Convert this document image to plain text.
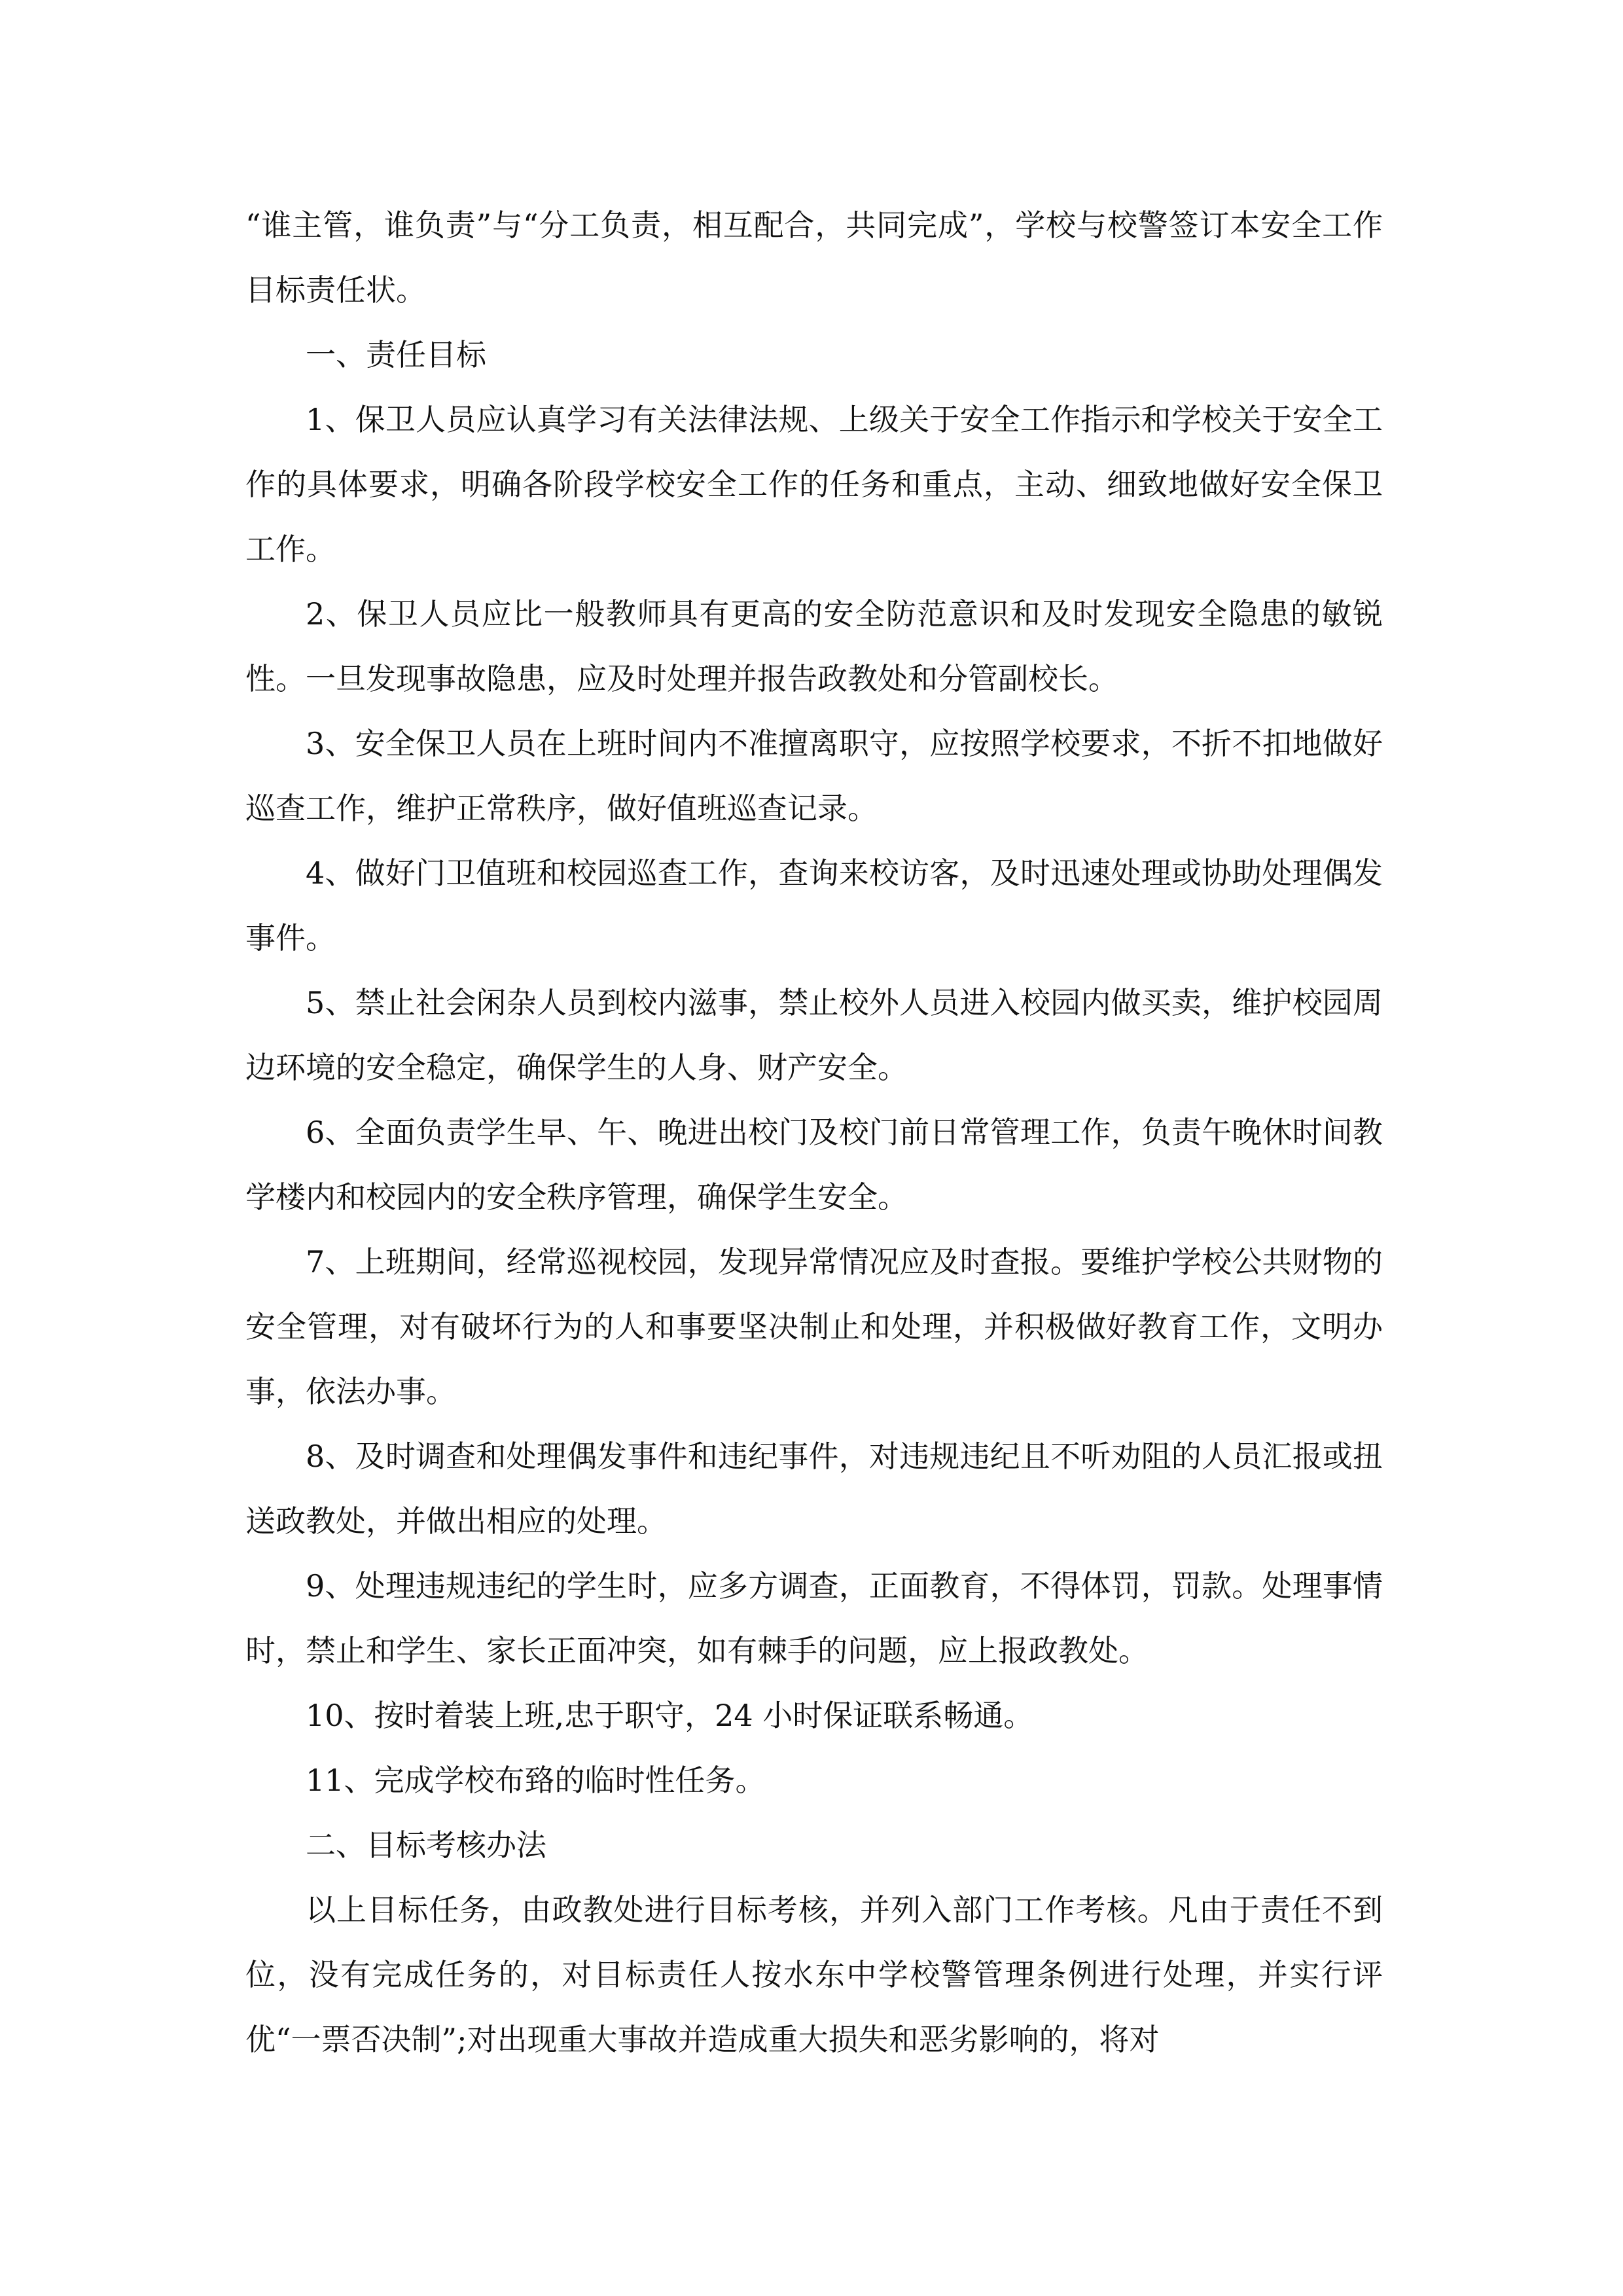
“谁主管，谁负责”与“分工负责，相互配合，共同完成”，学校与校警签订本安全工作目标责任状。

一、责任目标

1、保卫人员应认真学习有关法律法规、上级关于安全工作指示和学校关于安全工作的具体要求，明确各阶段学校安全工作的任务和重点，主动、细致地做好安全保卫工作。

2、保卫人员应比一般教师具有更高的安全防范意识和及时发现安全隐患的敏锐性。一旦发现事故隐患，应及时处理并报告政教处和分管副校长。

3、安全保卫人员在上班时间内不准擅离职守，应按照学校要求，不折不扣地做好巡查工作，维护正常秩序，做好值班巡查记录。

4、做好门卫值班和校园巡查工作，查询来校访客，及时迅速处理或协助处理偶发事件。

5、禁止社会闲杂人员到校内滋事，禁止校外人员进入校园内做买卖，维护校园周边环境的安全稳定，确保学生的人身、财产安全。

6、全面负责学生早、午、晚进出校门及校门前日常管理工作，负责午晚休时间教学楼内和校园内的安全秩序管理，确保学生安全。

7、上班期间，经常巡视校园，发现异常情况应及时查报。要维护学校公共财物的安全管理，对有破坏行为的人和事要坚决制止和处理，并积极做好教育工作，文明办事，依法办事。

8、及时调查和处理偶发事件和违纪事件，对违规违纪且不听劝阻的人员汇报或扭送政教处，并做出相应的处理。

9、处理违规违纪的学生时，应多方调查，正面教育，不得体罚，罚款。处理事情时，禁止和学生、家长正面冲突，如有棘手的问题，应上报政教处。

10、按时着装上班,忠于职守，24 小时保证联系畅通。

11、完成学校布臵的临时性任务。

二、目标考核办法

以上目标任务，由政教处进行目标考核，并列入部门工作考核。凡由于责任不到位，没有完成任务的，对目标责任人按水东中学校警管理条例进行处理，并实行评优“一票否决制”;对出现重大事故并造成重大损失和恶劣影响的，将对
